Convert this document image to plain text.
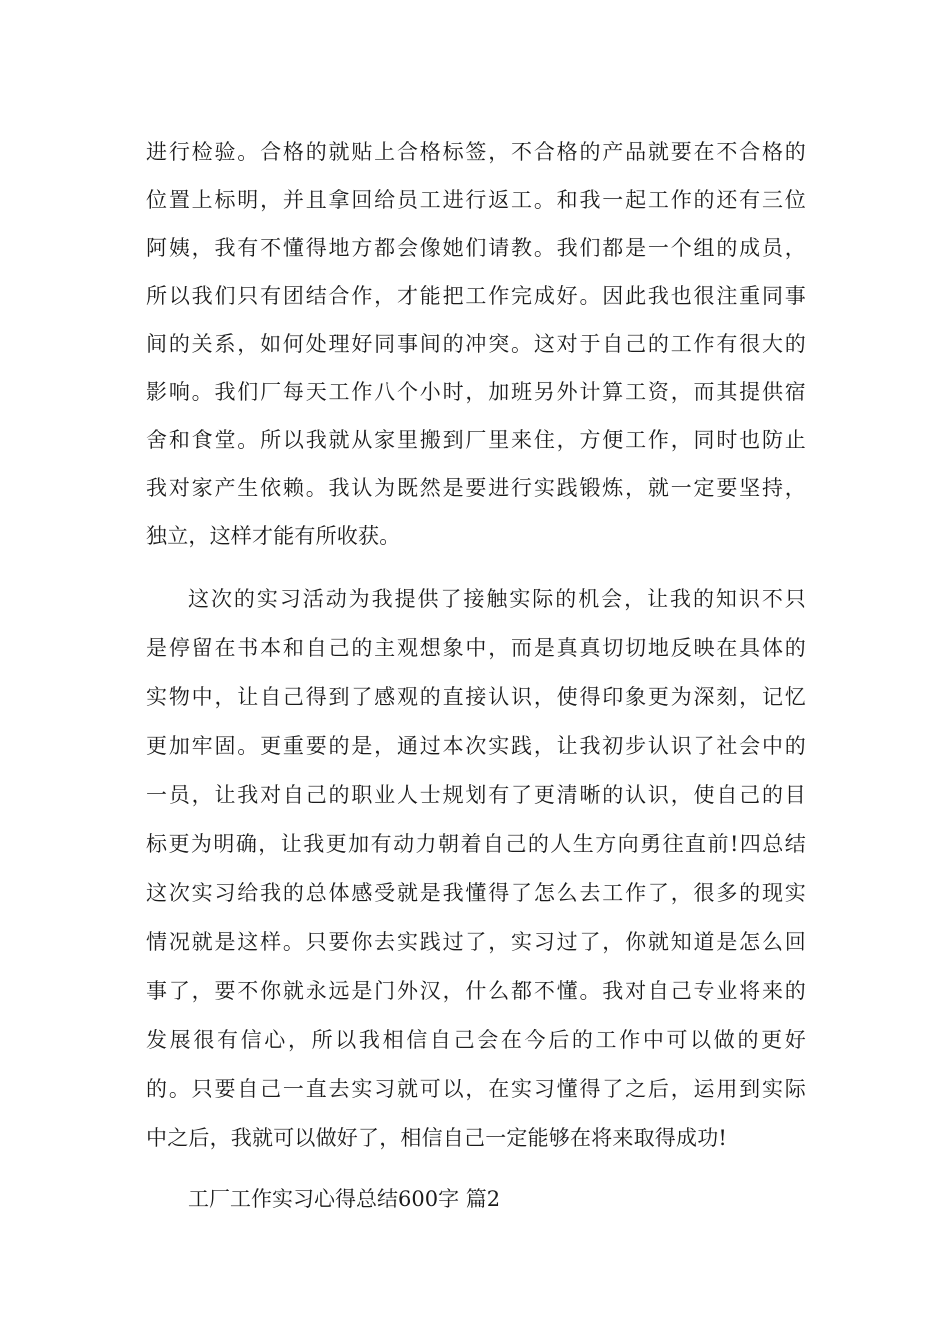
进行检验。合格的就贴上合格标签，不合格的产品就要在不合格的
位置上标明，并且拿回给员工进行返工。和我一起工作的还有三位
阿姨，我有不懂得地方都会像她们请教。我们都是一个组的成员，
所以我们只有团结合作，才能把工作完成好。因此我也很注重同事
间的关系，如何处理好同事间的冲突。这对于自己的工作有很大的
影响。我们厂每天工作八个小时，加班另外计算工资，而其提供宿
舍和食堂。所以我就从家里搬到厂里来住，方便工作，同时也防止
我对家产生依赖。我认为既然是要进行实践锻炼，就一定要坚持，
独立，这样才能有所收获。
这次的实习活动为我提供了接触实际的机会，让我的知识不只
是停留在书本和自己的主观想象中，而是真真切切地反映在具体的
实物中，让自己得到了感观的直接认识，使得印象更为深刻，记忆
更加牢固。更重要的是，通过本次实践，让我初步认识了社会中的
一员，让我对自己的职业人士规划有了更清晰的认识，使自己的目
标更为明确，让我更加有动力朝着自己的人生方向勇往直前!四总结
这次实习给我的总体感受就是我懂得了怎么去工作了，很多的现实
情况就是这样。只要你去实践过了，实习过了，你就知道是怎么回
事了，要不你就永远是门外汉，什么都不懂。我对自己专业将来的
发展很有信心，所以我相信自己会在今后的工作中可以做的更好
的。只要自己一直去实习就可以，在实习懂得了之后，运用到实际
中之后，我就可以做好了，相信自己一定能够在将来取得成功!
工厂工作实习心得总结600字 篇2
